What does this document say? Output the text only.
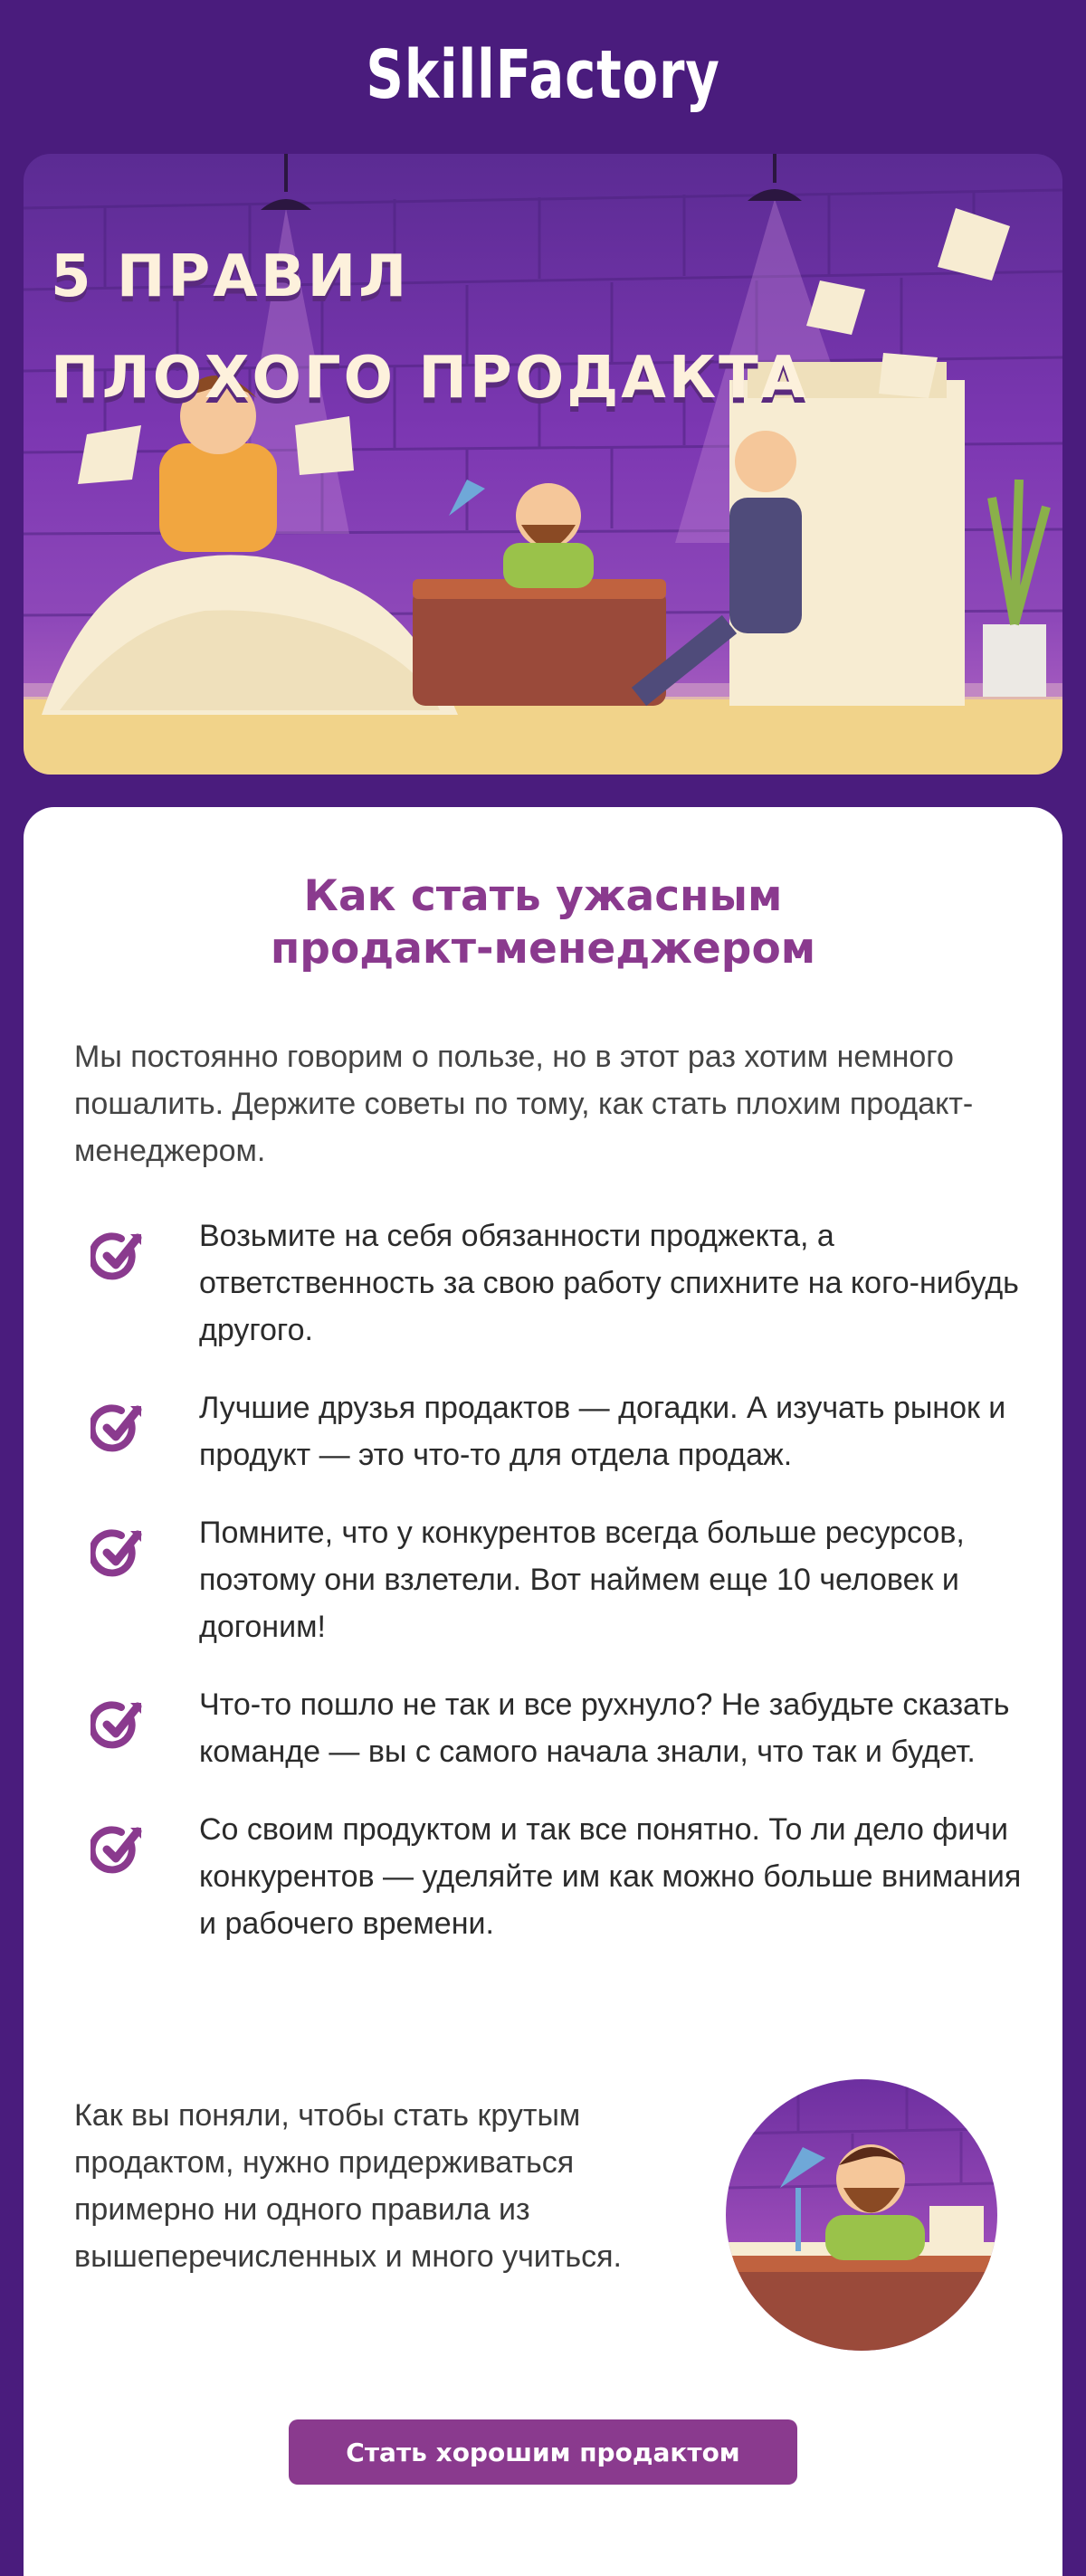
SkillFactory
5 ПРАВИЛ
ПЛОХОГО ПРОДАКТА
Как стать ужасным
продакт-менеджером

Мы постоянно говорим о пользе, но в этот раз хотим немного пошалить. Держите советы по тому, как стать плохим продакт-менеджером.

Возьмите на себя обязанности проджекта, а ответственность за свою работу спихните на кого-нибудь другого.
Лучшие друзья продактов — догадки. А изучать рынок и продукт — это что-то для отдела продаж.
Помните, что у конкурентов всегда больше ресурсов, поэтому они взлетели. Вот наймем еще 10 человек и догоним!
Что-то пошло не так и все рухнуло? Не забудьте сказать команде — вы с самого начала знали, что так и будет.
Со своим продуктом и так все понятно. То ли дело фичи конкурентов — уделяйте им как можно больше внимания и рабочего времени.

Как вы поняли, чтобы стать крутым продактом, нужно придерживаться примерно ни одного правила из вышеперечисленных и много учиться.

Стать хорошим продактом
